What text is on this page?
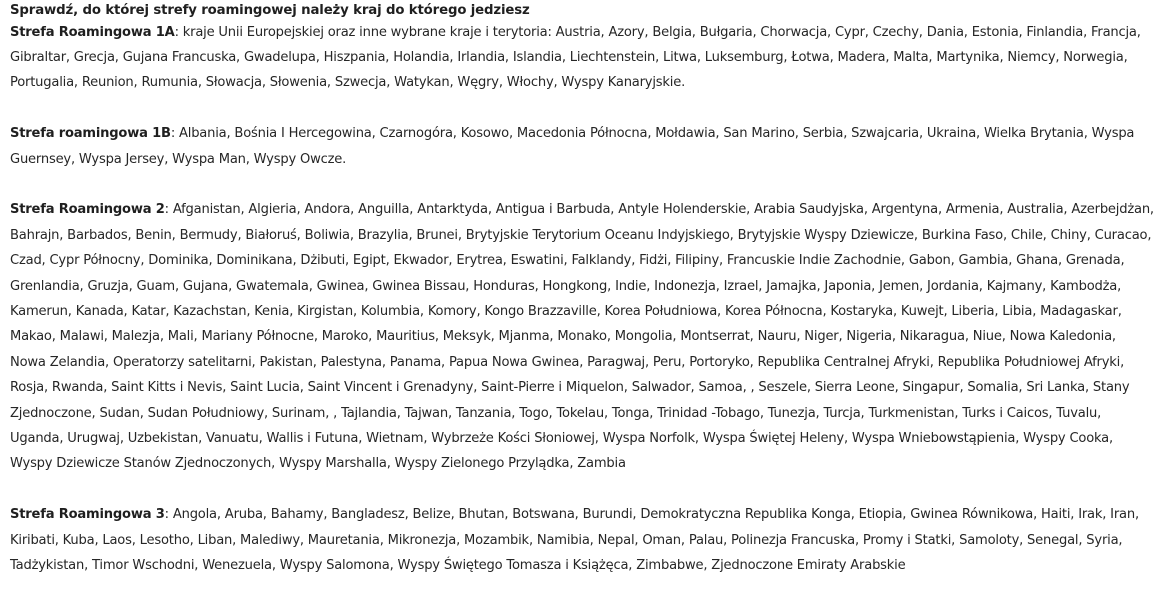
Sprawdź, do której strefy roamingowej należy kraj do którego jedziesz

Strefa Roamingowa 1A: kraje Unii Europejskiej oraz inne wybrane kraje i terytoria: Austria, Azory, Belgia, Bułgaria, Chorwacja, Cypr, Czechy, Dania, Estonia, Finlandia, Francja, Gibraltar, Grecja, Gujana Francuska, Gwadelupa, Hiszpania, Holandia, Irlandia, Islandia, Liechtenstein, Litwa, Luksemburg, Łotwa, Madera, Malta, Martynika, Niemcy, Norwegia, Portugalia, Reunion, Rumunia, Słowacja, Słowenia, Szwecja, Watykan, Węgry, Włochy, Wyspy Kanaryjskie.

Strefa roamingowa 1B: Albania, Bośnia I Hercegowina, Czarnogóra, Kosowo, Macedonia Północna, Mołdawia, San Marino, Serbia, Szwajcaria, Ukraina, Wielka Brytania, Wyspa Guernsey, Wyspa Jersey, Wyspa Man, Wyspy Owcze.

Strefa Roamingowa 2: Afganistan, Algieria, Andora, Anguilla, Antarktyda, Antigua i Barbuda, Antyle Holenderskie, Arabia Saudyjska, Argentyna, Armenia, Australia, Azerbejdżan, Bahrajn, Barbados, Benin, Bermudy, Białoruś, Boliwia, Brazylia, Brunei, Brytyjskie Terytorium Oceanu Indyjskiego, Brytyjskie Wyspy Dziewicze, Burkina Faso, Chile, Chiny, Curacao, Czad, Cypr Północny, Dominika, Dominikana, Dżibuti, Egipt, Ekwador, Erytrea, Eswatini, Falklandy, Fidżi, Filipiny, Francuskie Indie Zachodnie, Gabon, Gambia, Ghana, Grenada, Grenlandia, Gruzja, Guam, Gujana, Gwatemala, Gwinea, Gwinea Bissau, Honduras, Hongkong, Indie, Indonezja, Izrael, Jamajka, Japonia, Jemen, Jordania, Kajmany, Kambodża, Kamerun, Kanada, Katar, Kazachstan, Kenia, Kirgistan, Kolumbia, Komory, Kongo Brazzaville, Korea Południowa, Korea Północna, Kostaryka, Kuwejt, Liberia, Libia, Madagaskar, Makao, Malawi, Malezja, Mali, Mariany Północne, Maroko, Mauritius, Meksyk, Mjanma, Monako, Mongolia, Montserrat, Nauru, Niger, Nigeria, Nikaragua, Niue, Nowa Kaledonia, Nowa Zelandia, Operatorzy satelitarni, Pakistan, Palestyna, Panama, Papua Nowa Gwinea, Paragwaj, Peru, Portoryko, Republika Centralnej Afryki, Republika Południowej Afryki, Rosja, Rwanda, Saint Kitts i Nevis, Saint Lucia, Saint Vincent i Grenadyny, Saint-Pierre i Miquelon, Salwador, Samoa, , Seszele, Sierra Leone, Singapur, Somalia, Sri Lanka, Stany Zjednoczone, Sudan, Sudan Południowy, Surinam, , Tajlandia, Tajwan, Tanzania, Togo, Tokelau, Tonga, Trinidad -Tobago, Tunezja, Turcja, Turkmenistan, Turks i Caicos, Tuvalu, Uganda, Urugwaj, Uzbekistan, Vanuatu, Wallis i Futuna, Wietnam, Wybrzeże Kości Słoniowej, Wyspa Norfolk, Wyspa Świętej Heleny, Wyspa Wniebowstąpienia, Wyspy Cooka, Wyspy Dziewicze Stanów Zjednoczonych, Wyspy Marshalla, Wyspy Zielonego Przylądka, Zambia

Strefa Roamingowa 3: Angola, Aruba, Bahamy, Bangladesz, Belize, Bhutan, Botswana, Burundi, Demokratyczna Republika Konga, Etiopia, Gwinea Równikowa, Haiti, Irak, Iran, Kiribati, Kuba, Laos, Lesotho, Liban, Malediwy, Mauretania, Mikronezja, Mozambik, Namibia, Nepal, Oman, Palau, Polinezja Francuska, Promy i Statki, Samoloty, Senegal, Syria, Tadżykistan, Timor Wschodni, Wenezuela, Wyspy Salomona, Wyspy Świętego Tomasza i Książęca, Zimbabwe, Zjednoczone Emiraty Arabskie
